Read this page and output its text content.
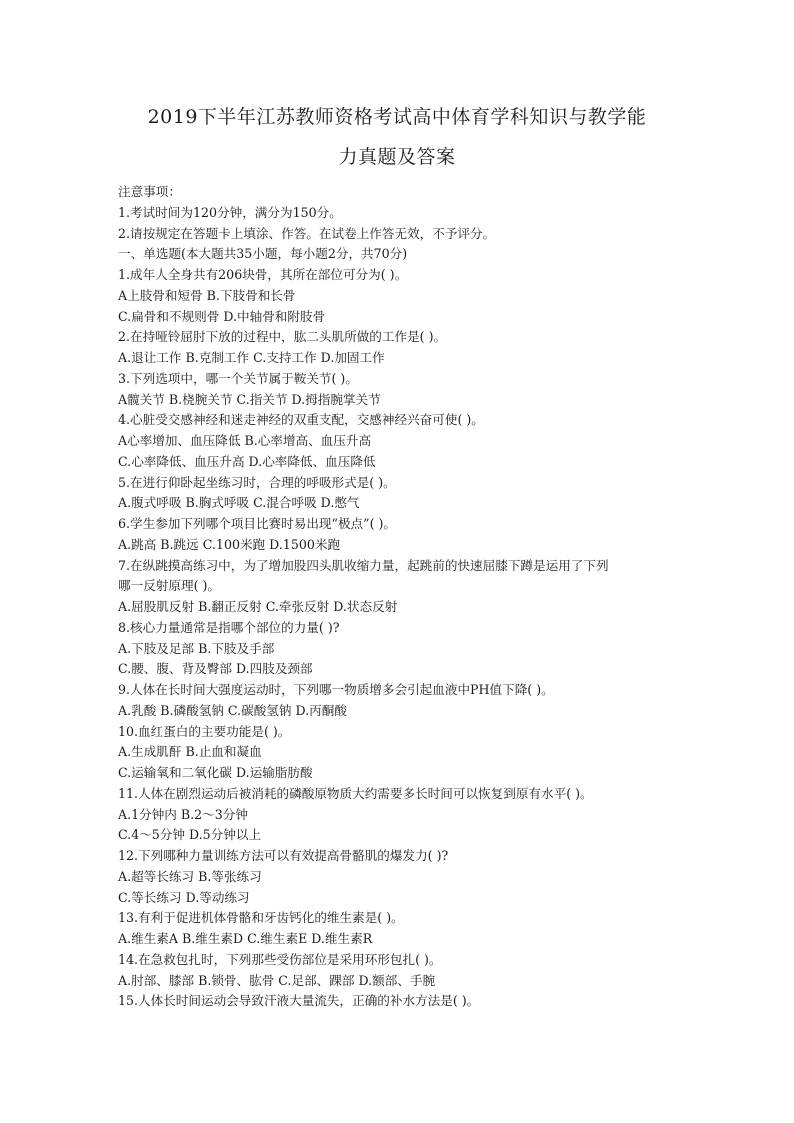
2019下半年江苏教师资格考试高中体育学科知识与教学能
力真题及答案
注意事项：
1.考试时间为120分钟，满分为150分。
2.请按规定在答题卡上填涂、作答。在试卷上作答无效，不予评分。
一、单选题(本大题共35小题，每小题2分，共70分)
1.成年人全身共有206块骨，其所在部位可分为( )。
A上肢骨和短骨 B.下肢骨和长骨
C.扁骨和不规则骨 D.中轴骨和附肢骨
2.在持哑铃屈肘下放的过程中，肱二头肌所做的工作是( )。
A.退让工作 B.克制工作 C.支持工作 D.加固工作
3.下列选项中，哪一个关节属于鞍关节( )。
A髋关节 B.桡腕关节 C.指关节 D.拇指腕掌关节
4.心脏受交感神经和迷走神经的双重支配，交感神经兴奋可使( )。
A心率增加、血压降低 B.心率增高、血压升高
C.心率降低、血压升高 D.心率降低、血压降低
5.在进行仰卧起坐练习时，合理的呼吸形式是( )。
A.腹式呼吸 B.胸式呼吸 C.混合呼吸 D.憋气
6.学生参加下列哪个项目比赛时易出现“极点”( )。
A.跳高 B.跳远 C.100米跑 D.1500米跑
7.在纵跳摸高练习中，为了增加股四头肌收缩力量，起跳前的快速屈膝下蹲是运用了下列
哪一反射原理( )。
A.屈股肌反射 B.翻正反射 C.牵张反射 D.状态反射
8.核心力量通常是指哪个部位的力量( )?
A.下肢及足部 B.下肢及手部
C.腰、腹、背及臀部 D.四肢及颈部
9.人体在长时间大强度运动时，下列哪一物质增多会引起血液中PH值下降( )。
A.乳酸 B.磷酸氢钠 C.碳酸氢钠 D.丙酮酸
10.血红蛋白的主要功能是( )。
A.生成肌酐 B.止血和凝血
C.运输氧和二氧化碳 D.运输脂肪酸
11.人体在剧烈运动后被消耗的磷酸原物质大约需要多长时间可以恢复到原有水平( )。
A.1分钟内 B.2～3分钟
C.4～5分钟 D.5分钟以上
12.下列哪种力量训练方法可以有效提高骨骼肌的爆发力( )?
A.超等长练习 B.等张练习
C.等长练习 D.等动练习
13.有利于促进机体骨骼和牙齿钙化的维生素是( )。
A.维生素A B.维生素D C.维生素E D.维生素R
14.在急救包扎时，下列那些受伤部位是采用环形包扎( )。
A.肘部、膝部 B.锁骨、肱骨 C.足部、踝部 D.额部、手腕
15.人体长时间运动会导致汗液大量流失，正确的补水方法是( )。
